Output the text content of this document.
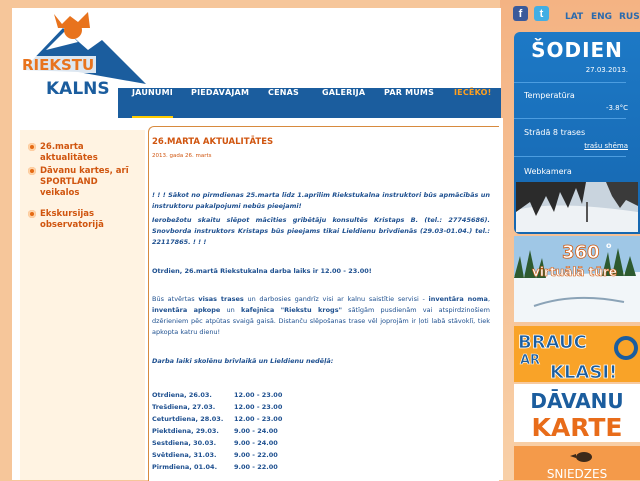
RIEKSTU
KALNS	JAUNUMI PIEDĀVĀJAM CENAS	GALERIJA PAR MUMS IECĒKO!
f	t	LAT ENG RUS
26.marta aktualitātes
Dāvanu kartes, arī SPORTLAND veikalos
Ekskursijas observatorijā
26.MARTA AKTUALITĀTES
2013. gada 26. marts
! ! ! Sākot no pirmdienas 25.marta līdz 1.aprīlim Riekstukalna instruktori būs apmācībās un instruktoru pakalpojumi nebūs pieejami!
Ierobežotu skaitu slēpot mācīties gribētāju konsultēs Kristaps B. (tel.: 27745686). Snovborda instruktors Kristaps būs pieejams tikai Lieldienu brīvdienās (29.03-01.04.) tel.: 22117865. ! ! !
Otrdien, 26.martā Riekstukalna darba laiks ir 12.00 - 23.00!
Būs atvērtas visas trases un darbosies gandrīz visi ar kalnu saistītie servisi - inventāra noma, inventāra apkope un kafejnīca "Riekstu krogs" sātīgām pusdienām vai atspirdzinošiem dzērieniem pēc atpūtas svaigā gaisā. Distanču slēpošanas trase vēl joprojām ir ļoti labā stāvoklī, tiek apkopta katru dienu!
Darba laiki skolēnu brīvlaikā un Lieldienu nedēļā:
Otrdiena, 26.03.	12.00 - 23.00
Trešdiena, 27.03.	12.00 - 23.00
Ceturtdiena, 28.03. 12.00 - 23.00
Piektdiena, 29.03. 9.00 - 24.00
Sestdiena, 30.03.	9.00 - 24.00
Svētdiena, 31.03.	9.00 - 22.00
Pirmdiena, 01.04.	9.00 - 22.00
ŠODIEN
27.03.2013.
Temperatūra
-3.8°C
Strādā 8 trases
trašu shēma
Webkamera
360 o
virtuālā tūre
BRAUC
AR
KLASI!
DĀVANU
KARTE
SNIEDZES
